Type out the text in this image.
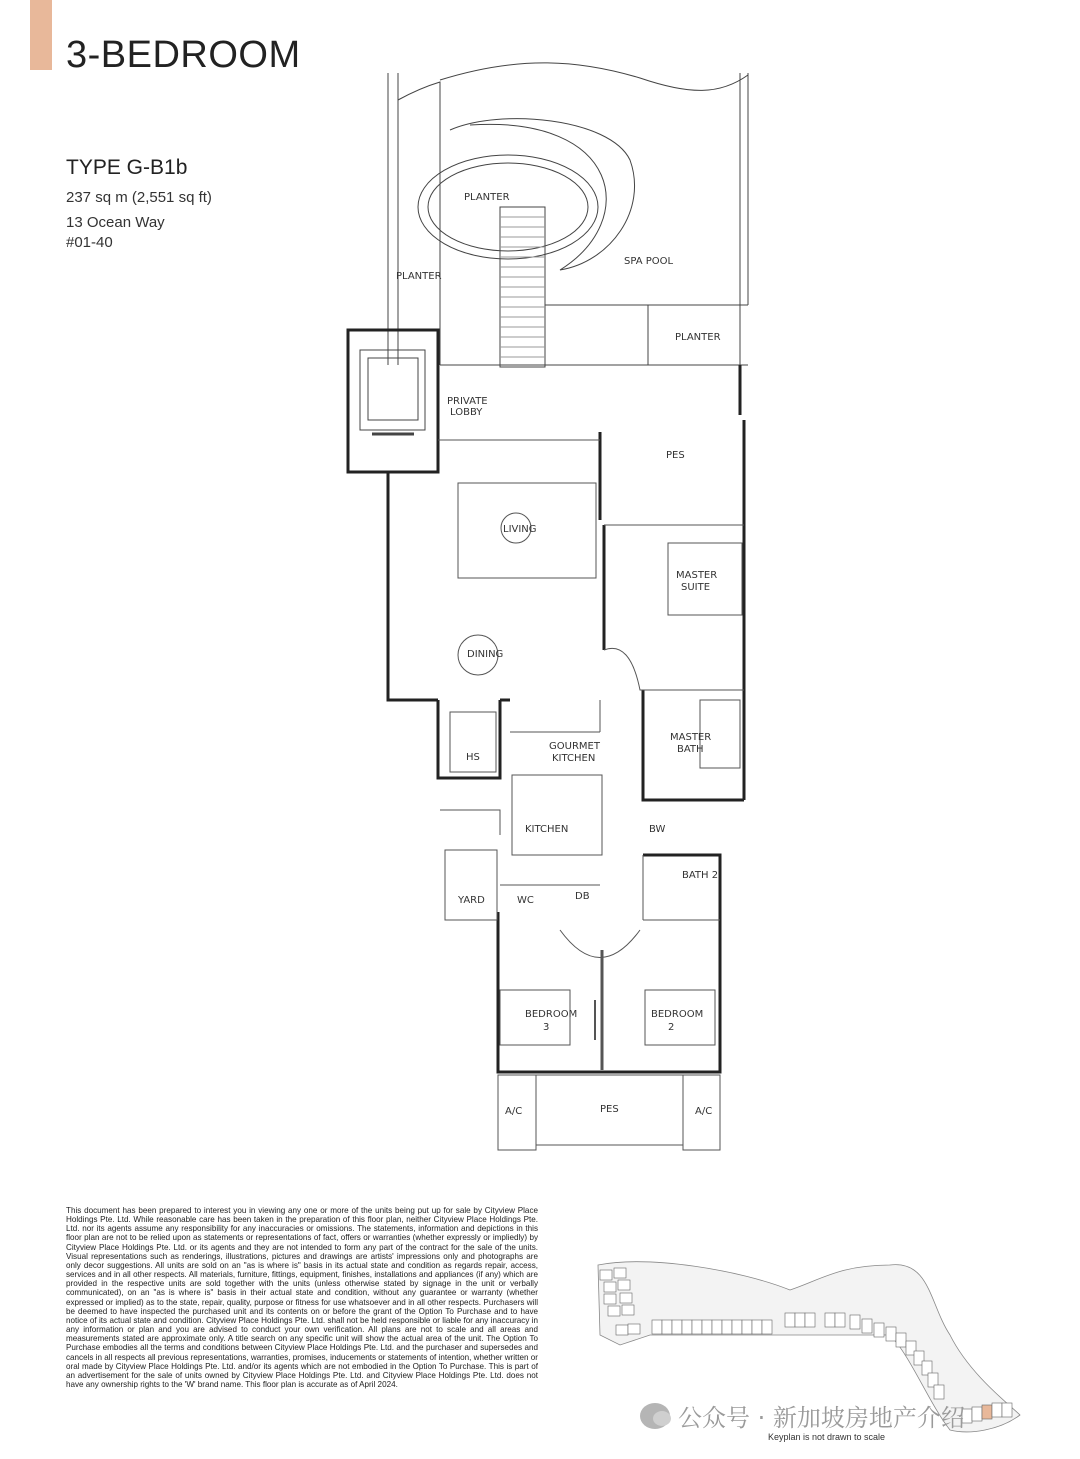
3-BEDROOM
TYPE G-B1b
237 sq m (2,551 sq ft)
13 Ocean Way
#01-40
PLANTER
PLANTER
SPA POOL
PLANTER
PRIVATE
LOBBY
PES
LIVING
MASTER
SUITE
DINING
MASTER
BATH
HS
GOURMET
KITCHEN
KITCHEN	BW
BATH 2
YARD	WC	DB
BEDROOM
3
BEDROOM
2
A/C	PES	A/C
This document has been prepared to interest you in viewing any one or more of the units being put up for sale by Cityview Place Holdings Pte. Ltd. While reasonable care has been taken in the preparation of this floor plan, neither Cityview Place Holdings Pte. Ltd. nor its agents assume any responsibility for any inaccuracies or omissions. The statements, information and depictions in this floor plan are not to be relied upon as statements or representations of fact, offers or warranties (whether expressly or impliedly) by Cityview Place Holdings Pte. Ltd. or its agents and they are not intended to form any part of the contract for the sale of the units. Visual representations such as renderings, illustrations, pictures and drawings are artists' impressions only and photographs are only decor suggestions. All units are sold on an "as is where is" basis in its actual state and condition as regards repair, access, services and in all other respects. All materials, furniture, fittings, equipment, finishes, installations and appliances (if any) which are provided in the respective units are sold together with the units (unless otherwise stated by signage in the unit or verbally communicated), on an "as is where is" basis in their actual state and condition, without any guarantee or warranty (whether expressed or implied) as to the state, repair, quality, purpose or fitness for use whatsoever and in all other respects. Purchasers will be deemed to have inspected the purchased unit and its contents on or before the grant of the Option To Purchase and to have notice of its actual state and condition. Cityview Place Holdings Pte. Ltd. shall not be held responsible or liable for any inaccuracy in any information or plan and you are advised to conduct your own verification. All plans are not to scale and all areas and measurements stated are approximate only. A title search on any specific unit will show the actual area of the unit. The Option To Purchase embodies all the terms and conditions between Cityview Place Holdings Pte. Ltd. and the purchaser and supersedes and cancels in all respects all previous representations, warranties, promises, inducements or statements of intention, whether written or oral made by Cityview Place Holdings Pte. Ltd. and/or its agents which are not embodied in the Option To Purchase. This is part of an advertisement for the sale of units owned by Cityview Place Holdings Pte. Ltd. and Cityview Place Holdings Pte. Ltd. does not have any ownership rights to the 'W' brand name. This floor plan is accurate as of April 2024.
Keyplan is not drawn to scale
公众号 · 新加坡房地产介绍
